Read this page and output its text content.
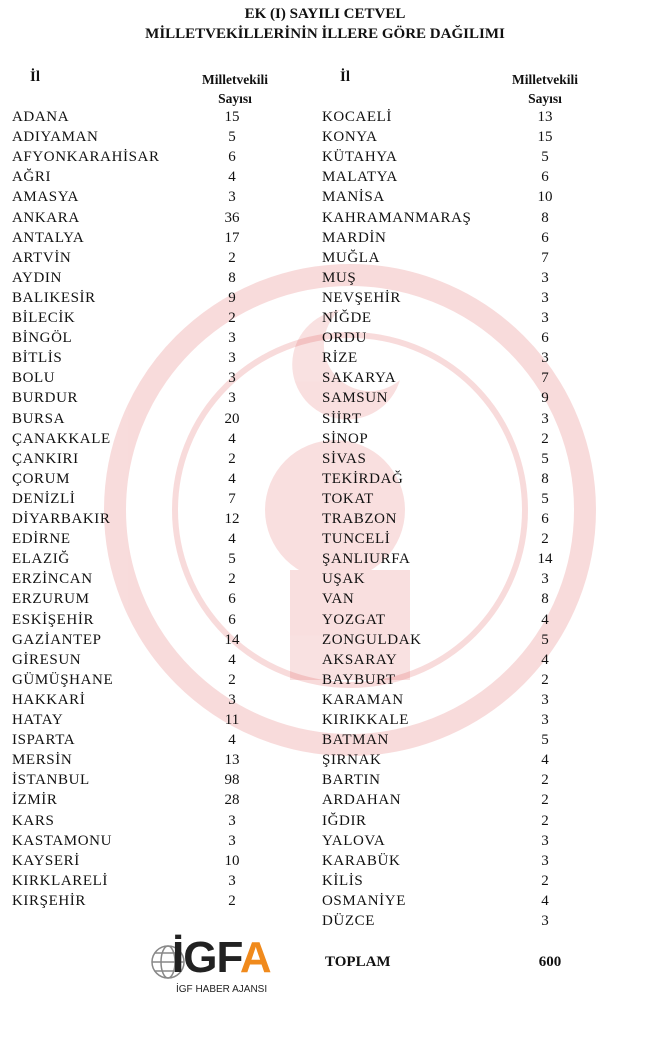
EK (I) SAYILI CETVEL
MİLLETVEKİLLERİNİN İLLERE GÖRE DAĞILIMI
İl	Milletvekili
Sayısı
İl	Milletvekili
Sayısı
ADANA	15
ADIYAMAN	5
AFYONKARAHİSAR	6
AĞRI	4
AMASYA	3
ANKARA	36
ANTALYA	17
ARTVİN	2
AYDIN	8
BALIKESİR	9
BİLECİK	2
BİNGÖL	3
BİTLİS	3
BOLU	3
BURDUR	3
BURSA	20
ÇANAKKALE	4
ÇANKIRI	2
ÇORUM	4
DENİZLİ	7
DİYARBAKIR	12
EDİRNE	4
ELAZIĞ	5
ERZİNCAN	2
ERZURUM	6
ESKİŞEHİR	6
GAZİANTEP	14
GİRESUN	4
GÜMÜŞHANE	2
HAKKARİ	3
HATAY	11
ISPARTA	4
MERSİN	13
İSTANBUL	98
İZMİR	28
KARS	3
KASTAMONU	3
KAYSERİ	10
KIRKLARELİ	3
KIRŞEHİR	2
KOCAELİ	13
KONYA	15
KÜTAHYA	5
MALATYA	6
MANİSA	10
KAHRAMANMARAŞ	8
MARDİN	6
MUĞLA	7
MUŞ	3
NEVŞEHİR	3
NİĞDE	3
ORDU	6
RİZE	3
SAKARYA	7
SAMSUN	9
SİİRT	3
SİNOP	2
SİVAS	5
TEKİRDAĞ	8
TOKAT	5
TRABZON	6
TUNCELİ	2
ŞANLIURFA	14
UŞAK	3
VAN	8
YOZGAT	4
ZONGULDAK	5
AKSARAY	4
BAYBURT	2
KARAMAN	3
KIRIKKALE	3
BATMAN	5
ŞIRNAK	4
BARTIN	2
ARDAHAN	2
IĞDIR	2
YALOVA	3
KARABÜK	3
KİLİS	2
OSMANİYE	4
DÜZCE	3
TOPLAM	600
İGFA
İGF HABER AJANSI
